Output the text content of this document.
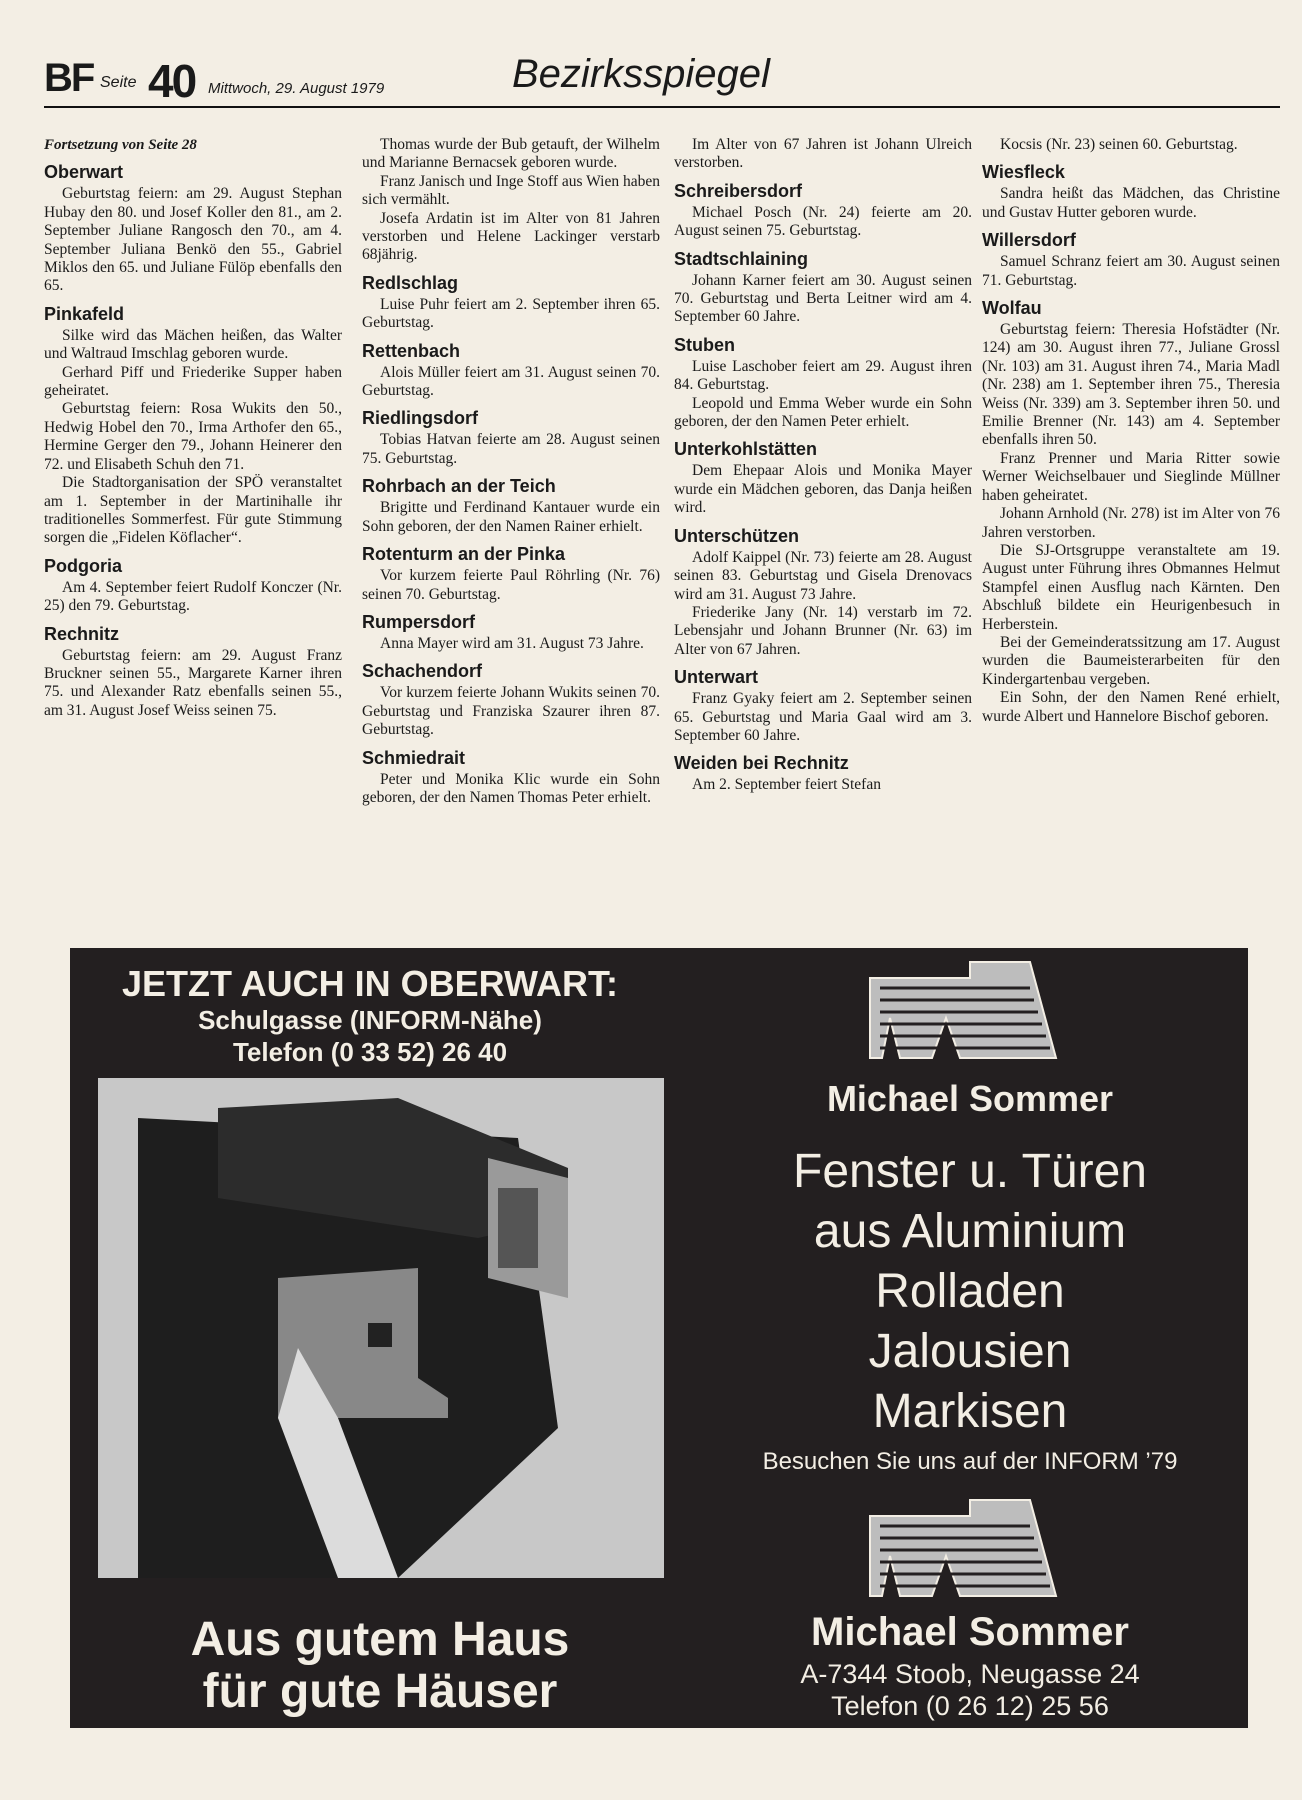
BF Seite 40 Mittwoch, 29. August 1979	Bezirksspiegel
Fortsetzung von Seite 28
Oberwart
Geburtstag feiern: am 29. August Stephan Hubay den 80. und Josef Koller den 81., am 2. September Juliane Rangosch den 70., am 4. September Juliana Benkö den 55., Gabriel Miklos den 65. und Juliane Fülöp ebenfalls den 65.
Pinkafeld
Silke wird das Mächen heißen, das Walter und Waltraud Imschlag geboren wurde.
Gerhard Piff und Friederike Supper haben geheiratet.
Geburtstag feiern: Rosa Wukits den 50., Hedwig Hobel den 70., Irma Arthofer den 65., Hermine Gerger den 79., Johann Heinerer den 72. und Elisabeth Schuh den 71.
Die Stadtorganisation der SPÖ veranstaltet am 1. September in der Martinihalle ihr traditionelles Sommerfest. Für gute Stimmung sorgen die „Fidelen Köflacher“.
Podgoria
Am 4. September feiert Rudolf Konczer (Nr. 25) den 79. Geburtstag.
Rechnitz
Geburtstag feiern: am 29. August Franz Bruckner seinen 55., Margarete Karner ihren 75. und Alexander Ratz ebenfalls seinen 55., am 31. August Josef Weiss seinen 75.
Thomas wurde der Bub getauft, der Wilhelm und Marianne Bernacsek geboren wurde.
Franz Janisch und Inge Stoff aus Wien haben sich vermählt.
Josefa Ardatin ist im Alter von 81 Jahren verstorben und Helene Lackinger verstarb 68jährig.
Redlschlag
Luise Puhr feiert am 2. September ihren 65. Geburtstag.
Rettenbach
Alois Müller feiert am 31. August seinen 70. Geburtstag.
Riedlingsdorf
Tobias Hatvan feierte am 28. August seinen 75. Geburtstag.
Rohrbach an der Teich
Brigitte und Ferdinand Kantauer wurde ein Sohn geboren, der den Namen Rainer erhielt.
Rotenturm an der Pinka
Vor kurzem feierte Paul Röhrling (Nr. 76) seinen 70. Geburtstag.
Rumpersdorf
Anna Mayer wird am 31. August 73 Jahre.
Schachendorf
Vor kurzem feierte Johann Wukits seinen 70. Geburtstag und Franziska Szaurer ihren 87. Geburtstag.
Schmiedrait
Peter und Monika Klic wurde ein Sohn geboren, der den Namen Thomas Peter erhielt.
Im Alter von 67 Jahren ist Johann Ulreich verstorben.
Schreibersdorf
Michael Posch (Nr. 24) feierte am 20. August seinen 75. Geburtstag.
Stadtschlaining
Johann Karner feiert am 30. August seinen 70. Geburtstag und Berta Leitner wird am 4. September 60 Jahre.
Stuben
Luise Laschober feiert am 29. August ihren 84. Geburtstag.
Leopold und Emma Weber wurde ein Sohn geboren, der den Namen Peter erhielt.
Unterkohlstätten
Dem Ehepaar Alois und Monika Mayer wurde ein Mädchen geboren, das Danja heißen wird.
Unterschützen
Adolf Kaippel (Nr. 73) feierte am 28. August seinen 83. Geburtstag und Gisela Drenovacs wird am 31. August 73 Jahre.
Friederike Jany (Nr. 14) verstarb im 72. Lebensjahr und Johann Brunner (Nr. 63) im Alter von 67 Jahren.
Unterwart
Franz Gyaky feiert am 2. September seinen 65. Geburtstag und Maria Gaal wird am 3. September 60 Jahre.
Weiden bei Rechnitz
Am 2. September feiert Stefan
Kocsis (Nr. 23) seinen 60. Geburtstag.
Wiesfleck
Sandra heißt das Mädchen, das Christine und Gustav Hutter geboren wurde.
Willersdorf
Samuel Schranz feiert am 30. August seinen 71. Geburtstag.
Wolfau
Geburtstag feiern: Theresia Hofstädter (Nr. 124) am 30. August ihren 77., Juliane Grossl (Nr. 103) am 31. August ihren 74., Maria Madl (Nr. 238) am 1. September ihren 75., Theresia Weiss (Nr. 339) am 3. September ihren 50. und Emilie Brenner (Nr. 143) am 4. September ebenfalls ihren 50.
Franz Prenner und Maria Ritter sowie Werner Weichselbauer und Sieglinde Müllner haben geheiratet.
Johann Arnhold (Nr. 278) ist im Alter von 76 Jahren verstorben.
Die SJ-Ortsgruppe veranstaltete am 19. August unter Führung ihres Obmannes Helmut Stampfel einen Ausflug nach Kärnten. Den Abschluß bildete ein Heurigenbesuch in Herberstein.
Bei der Gemeinderatssitzung am 17. August wurden die Baumeisterarbeiten für den Kindergartenbau vergeben.
Ein Sohn, der den Namen René erhielt, wurde Albert und Hannelore Bischof geboren.
JETZT AUCH IN OBERWART:
Schulgasse (INFORM-Nähe)
Telefon (0 33 52) 26 40
Michael Sommer
Fenster u. Türen
aus Aluminium
Rolladen
Jalousien
Markisen
Besuchen Sie uns auf der INFORM ’79
Aus gutem Haus
für gute Häuser
Michael Sommer
A-7344 Stoob, Neugasse 24
Telefon (0 26 12) 25 56
